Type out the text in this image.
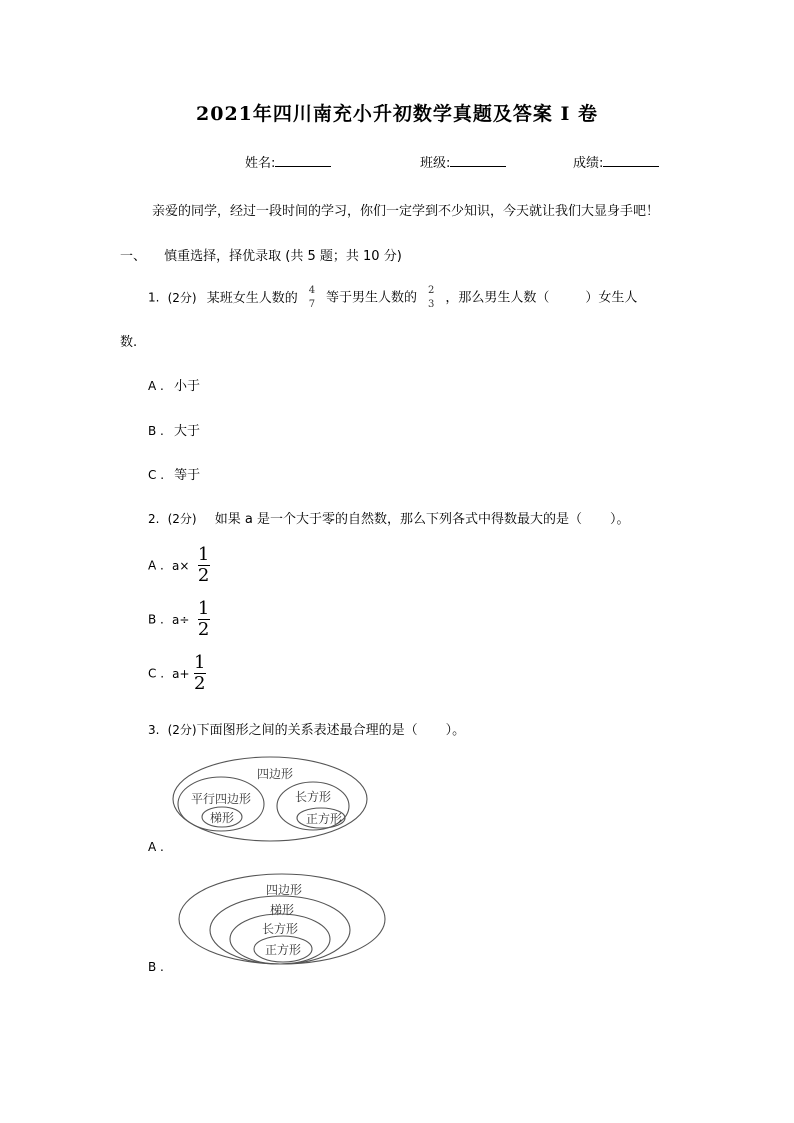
2021年四川南充小升初数学真题及答案 I 卷
姓名:	班级:	成绩:
亲爱的同学，经过一段时间的学习，你们一定学到不少知识，今天就让我们大显身手吧！
一、 慎重选择，择优录取 (共 5 题；共 10 分)
1. (2分) 某班女生人数的 4
7 等于男生人数的 2
3 ，那么男生人数（	）女生人
数.
A . 小于
B . 大于
C . 等于
2. (2分) 如果 a 是一个大于零的自然数，那么下列各式中得数最大的是（ ）。
A . $a\times \frac{1}{2}$
B . $a\div \frac{1}{2}$
C . $a+ \frac{1}{2}$
3. (2分)下面图形之间的关系表述最合理的是（ ）。
四边形
平行四边形
梯形
长方形
正方形
A .
四边形
梯形
长方形
正方形
B .
